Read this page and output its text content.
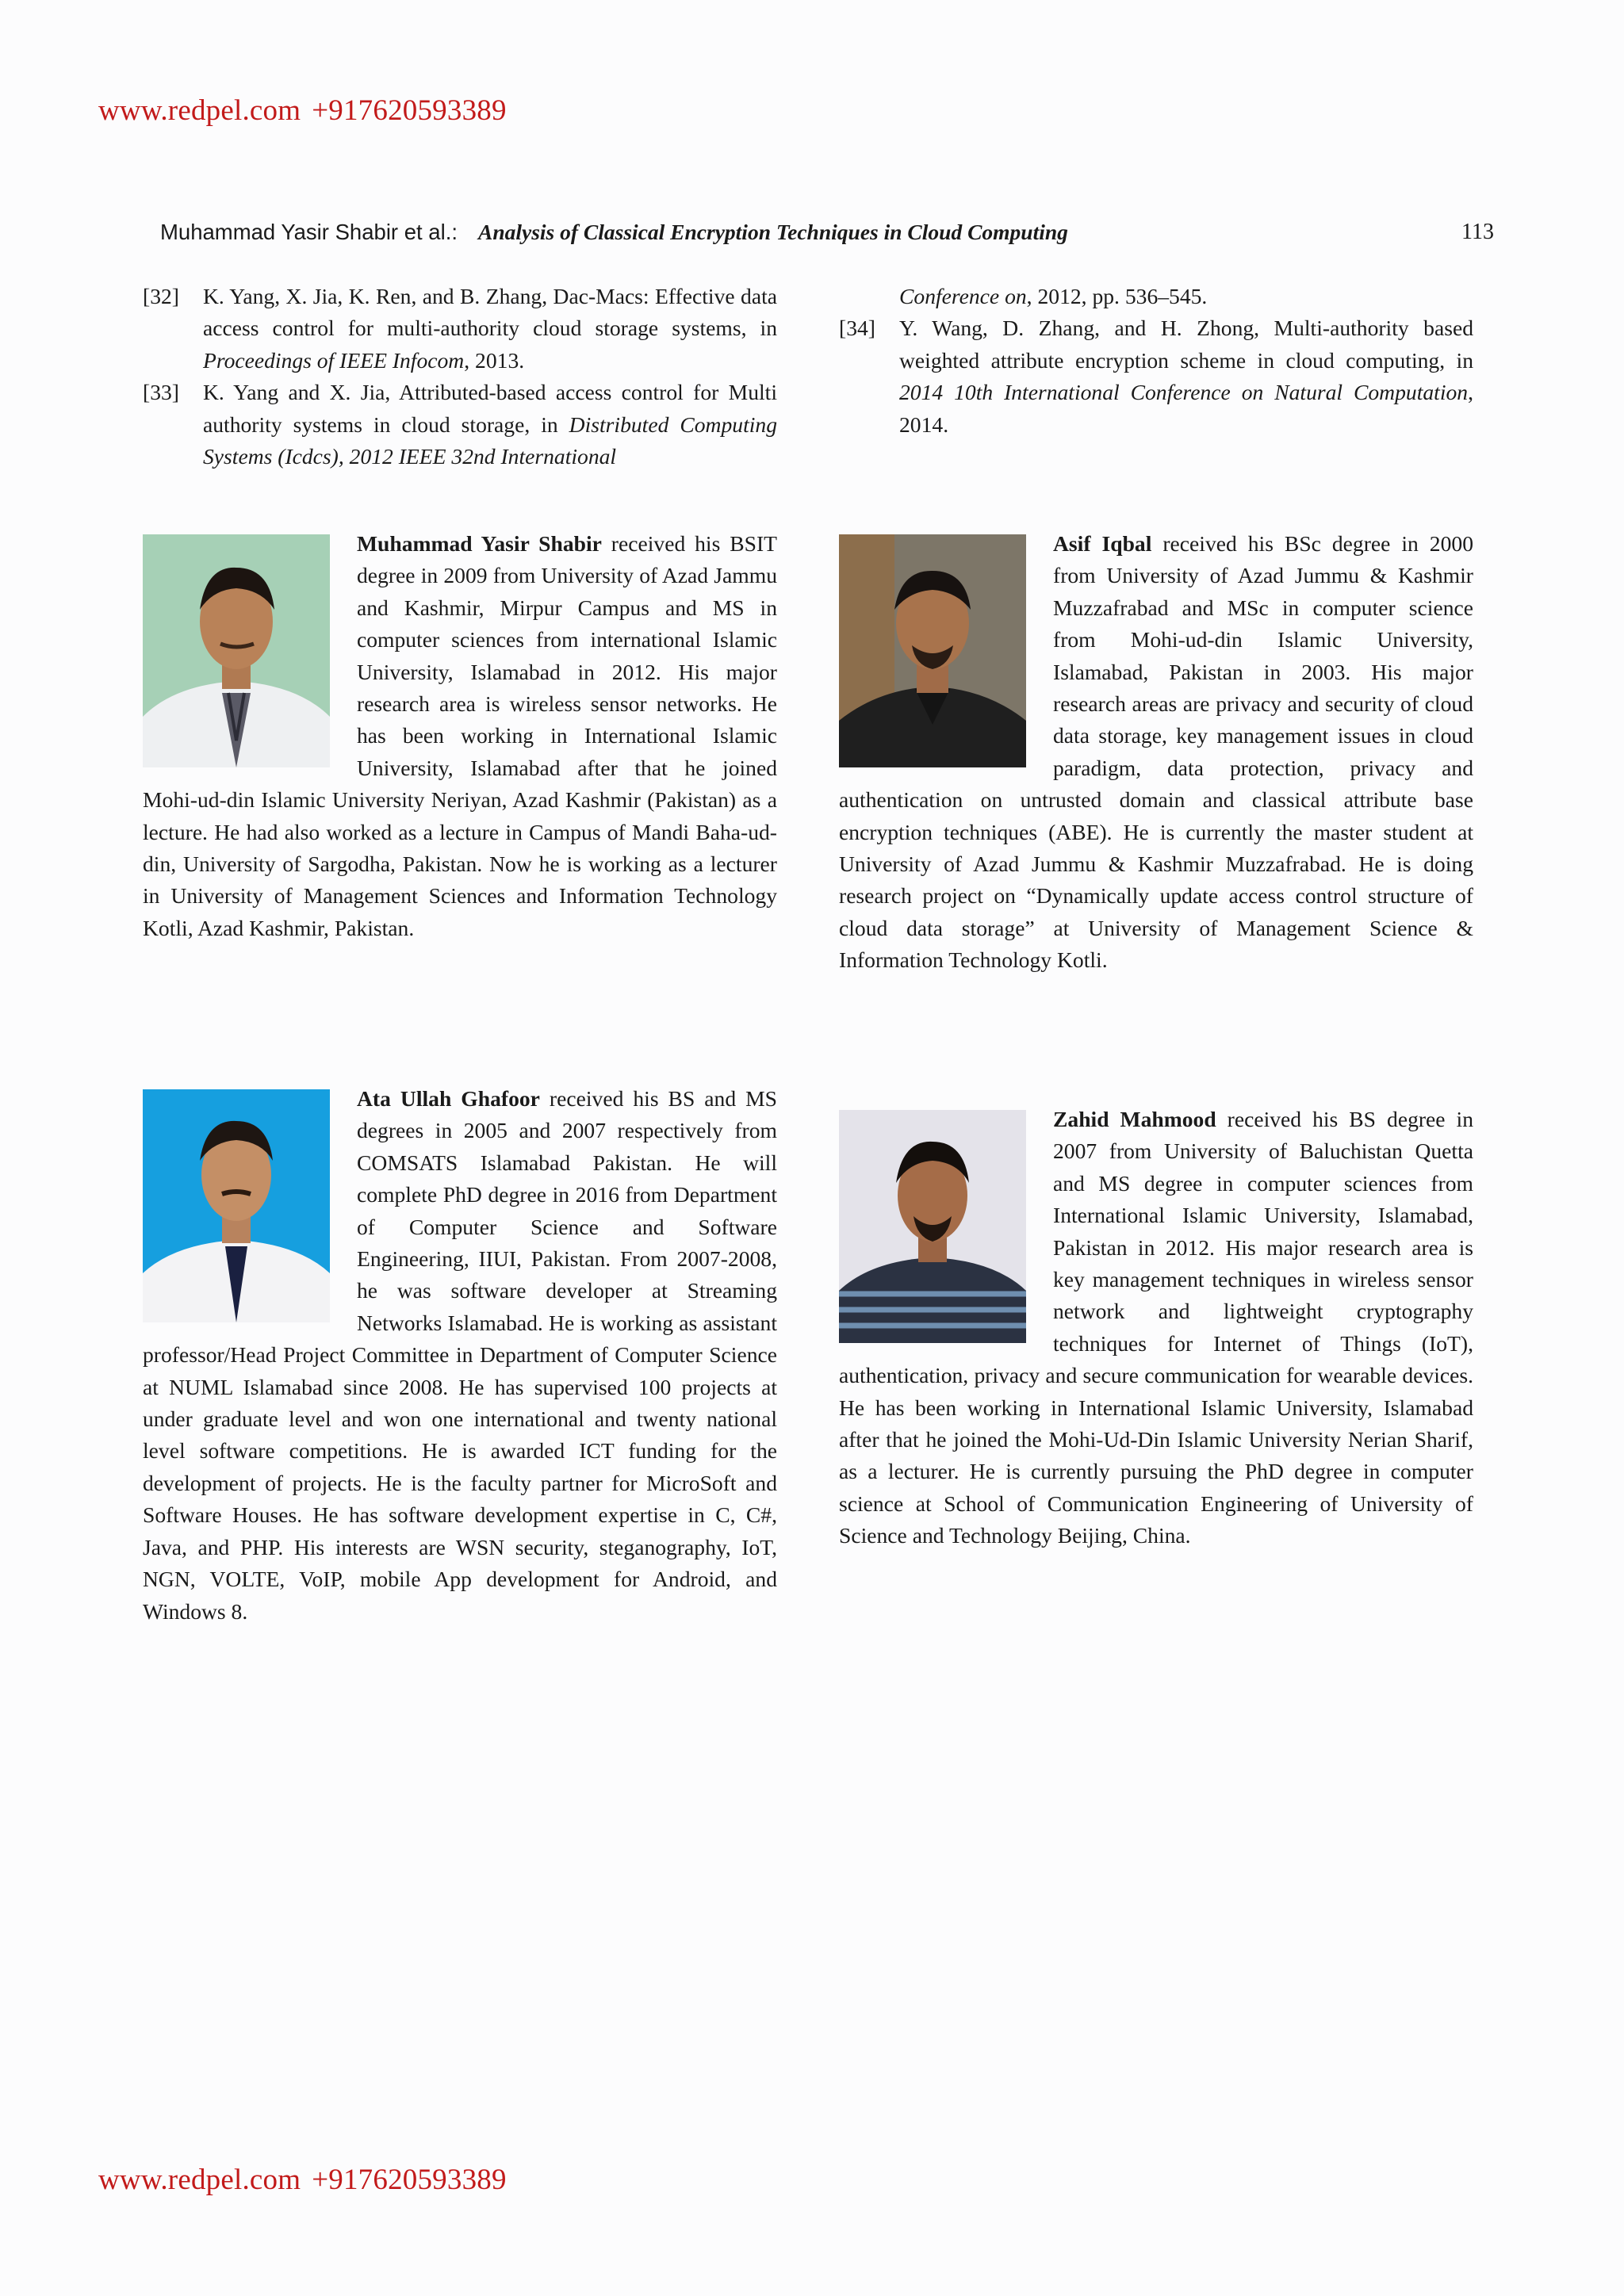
www.redpel.com +917620593389
Muhammad Yasir Shabir et al.: Analysis of Classical Encryption Techniques in Cloud Computing	113
[32] K. Yang, X. Jia, K. Ren, and B. Zhang, Dac-Macs: Effective data access control for multi-authority cloud storage systems, in Proceedings of IEEE Infocom, 2013.
[33] K. Yang and X. Jia, Attributed-based access control for Multi authority systems in cloud storage, in Distributed Computing Systems (Icdcs), 2012 IEEE 32nd International
Conference on, 2012, pp. 536–545.
[34] Y. Wang, D. Zhang, and H. Zhong, Multi-authority based weighted attribute encryption scheme in cloud computing, in 2014 10th International Conference on Natural Computation, 2014.
Muhammad Yasir Shabir received his BSIT degree in 2009 from University of Azad Jammu and Kashmir, Mirpur Campus and MS in computer sciences from international Islamic University, Islamabad in 2012. His major research area is wireless sensor networks. He has been working in International Islamic University, Islamabad after that he joined Mohi-ud-din Islamic University Neriyan, Azad Kashmir (Pakistan) as a lecture. He had also worked as a lecture in Campus of Mandi Baha-ud-din, University of Sargodha, Pakistan. Now he is working as a lecturer in University of Management Sciences and Information Technology Kotli, Azad Kashmir, Pakistan.
Asif Iqbal received his BSc degree in 2000 from University of Azad Jummu & Kashmir Muzzafrabad and MSc in computer science from Mohi-ud-din Islamic University, Islamabad, Pakistan in 2003. His major research areas are privacy and security of cloud data storage, key management issues in cloud paradigm, data protection, privacy and authentication on untrusted domain and classical attribute base encryption techniques (ABE). He is currently the master student at University of Azad Jummu & Kashmir Muzzafrabad. He is doing research project on “Dynamically update access control structure of cloud data storage” at University of Management Science & Information Technology Kotli.
Ata Ullah Ghafoor received his BS and MS degrees in 2005 and 2007 respectively from COMSATS Islamabad Pakistan. He will complete PhD degree in 2016 from Department of Computer Science and Software Engineering, IIUI, Pakistan. From 2007-2008, he was software developer at Streaming Networks Islamabad. He is working as assistant professor/Head Project Committee in Department of Computer Science at NUML Islamabad since 2008. He has supervised 100 projects at under graduate level and won one international and twenty national level software competitions. He is awarded ICT funding for the development of projects. He is the faculty partner for MicroSoft and Software Houses. He has software development expertise in C, C#, Java, and PHP. His interests are WSN security, steganography, IoT, NGN, VOLTE, VoIP, mobile App development for Android, and Windows 8.
Zahid Mahmood received his BS degree in 2007 from University of Baluchistan Quetta and MS degree in computer sciences from International Islamic University, Islamabad, Pakistan in 2012. His major research area is key management techniques in wireless sensor network and lightweight cryptography techniques for Internet of Things (IoT), authentication, privacy and secure communication for wearable devices. He has been working in International Islamic University, Islamabad after that he joined the Mohi-Ud-Din Islamic University Nerian Sharif, as a lecturer. He is currently pursuing the PhD degree in computer science at School of Communication Engineering of University of Science and Technology Beijing, China.
www.redpel.com +917620593389
